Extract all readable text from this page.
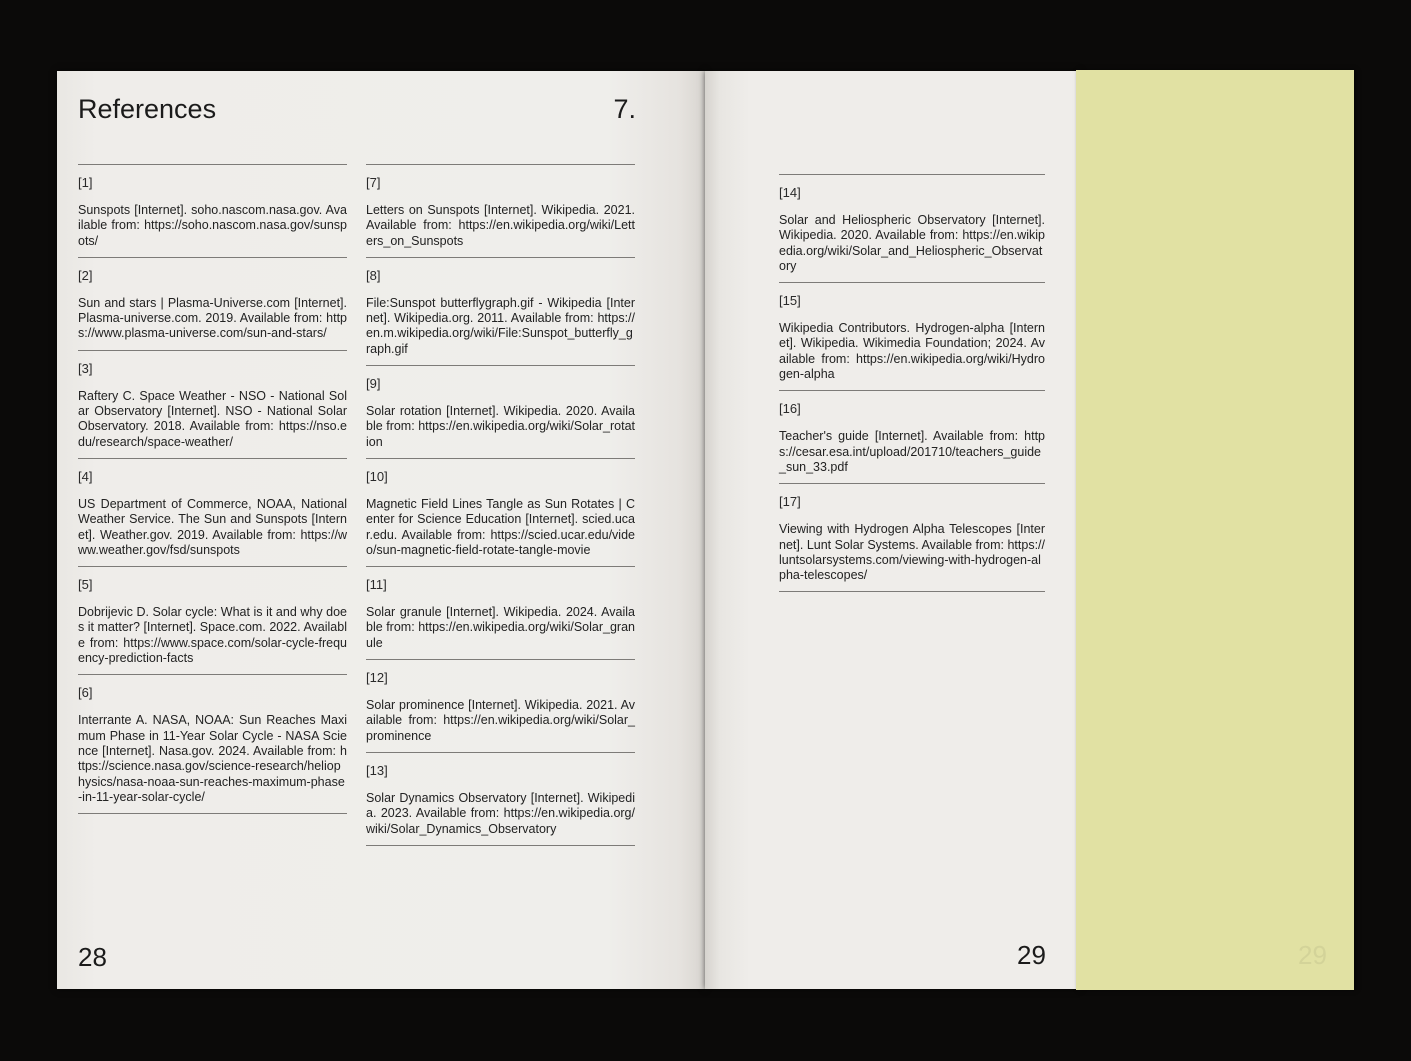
References	7.
[1]
Sunspots [Internet]. soho.nascom.nasa.gov. Available from: https://soho.nascom.nasa.gov/sunspots/
[2]
Sun and stars | Plasma-Universe.com [Internet]. Plasma-universe.com. 2019. Available from: https://www.plasma-universe.com/sun-and-stars/
[3]
Raftery C. Space Weather - NSO - National Solar Observatory [Internet]. NSO - National Solar Observatory. 2018. Available from: https://nso.edu/research/space-weather/
[4]
US Department of Commerce, NOAA, National Weather Service. The Sun and Sunspots [Internet]. Weather.gov. 2019. Available from: https://www.weather.gov/fsd/sunspots
[5]
Dobrijevic D. Solar cycle: What is it and why does it matter? [Internet]. Space.com. 2022. Available from: https://www.space.com/solar-cycle-frequency-prediction-facts
[6]
Interrante A. NASA, NOAA: Sun Reaches Maximum Phase in 11-Year Solar Cycle - NASA Science [Internet]. Nasa.gov. 2024. Available from: https://science.nasa.gov/science-research/heliophysics/nasa-noaa-sun-reaches-maximum-phase-in-11-year-solar-cycle/
[7]
Letters on Sunspots [Internet]. Wikipedia. 2021. Available from: https://en.wikipedia.org/wiki/Letters_on_Sunspots
[8]
File:Sunspot butterflygraph.gif - Wikipedia [Internet]. Wikipedia.org. 2011. Available from: https://en.m.wikipedia.org/wiki/File:Sunspot_butterfly_graph.gif
[9]
Solar rotation [Internet]. Wikipedia. 2020. Available from: https://en.wikipedia.org/wiki/Solar_rotation
[10]
Magnetic Field Lines Tangle as Sun Rotates | Center for Science Education [Internet]. scied.ucar.edu. Available from: https://scied.ucar.edu/video/sun-magnetic-field-rotate-tangle-movie
[11]
Solar granule [Internet]. Wikipedia. 2024. Available from: https://en.wikipedia.org/wiki/Solar_granule
[12]
Solar prominence [Internet]. Wikipedia. 2021. Available from: https://en.wikipedia.org/wiki/Solar_prominence
[13]
Solar Dynamics Observatory [Internet]. Wikipedia. 2023. Available from: https://en.wikipedia.org/wiki/Solar_Dynamics_Observatory
[14]
Solar and Heliospheric Observatory [Internet]. Wikipedia. 2020. Available from: https://en.wikipedia.org/wiki/Solar_and_Heliospheric_Observatory
[15]
Wikipedia Contributors. Hydrogen-alpha [Internet]. Wikipedia. Wikimedia Foundation; 2024. Available from: https://en.wikipedia.org/wiki/Hydrogen-alpha
[16]
Teacher's guide [Internet]. Available from: https://cesar.esa.int/upload/201710/teachers_guide_sun_33.pdf
[17]
Viewing with Hydrogen Alpha Telescopes [Internet]. Lunt Solar Systems. Available from: https://luntsolarsystems.com/viewing-with-hydrogen-alpha-telescopes/
28	29	29
